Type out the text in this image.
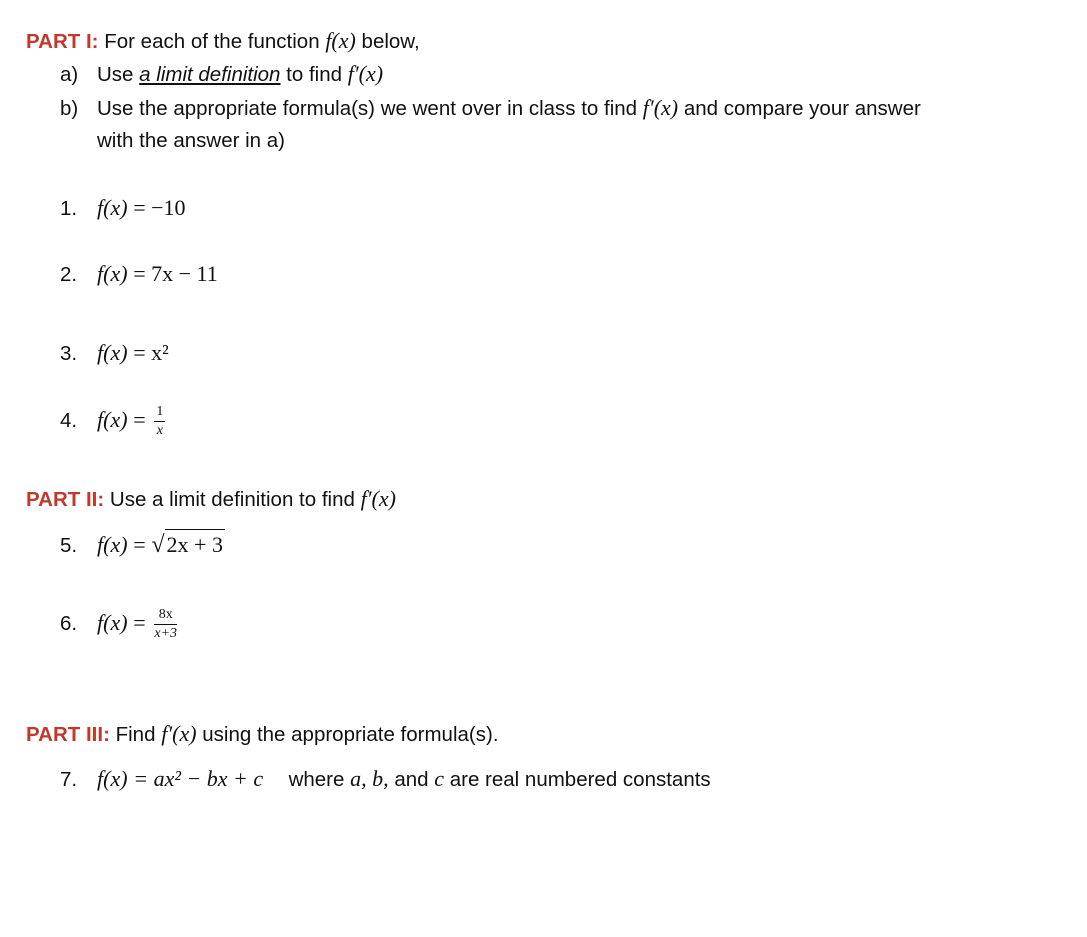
PART I: For each of the function f(x) below,
a) Use a limit definition to find f′(x)
b) Use the appropriate formula(s) we went over in class to find f′(x) and compare your answer
with the answer in a)
1. f(x) = −10
2. f(x) = 7x − 11
3. f(x) = x²
4. $f(x) = \frac{1}{x}$
PART II: Use a limit definition to find f′(x)
5. f(x) = √2x + 3
6. $f(x) = \frac{8x}{x+3}$
PART III: Find f′(x) using the appropriate formula(s).
7. f(x) = ax² − bx + c where a, b, and c are real numbered constants
